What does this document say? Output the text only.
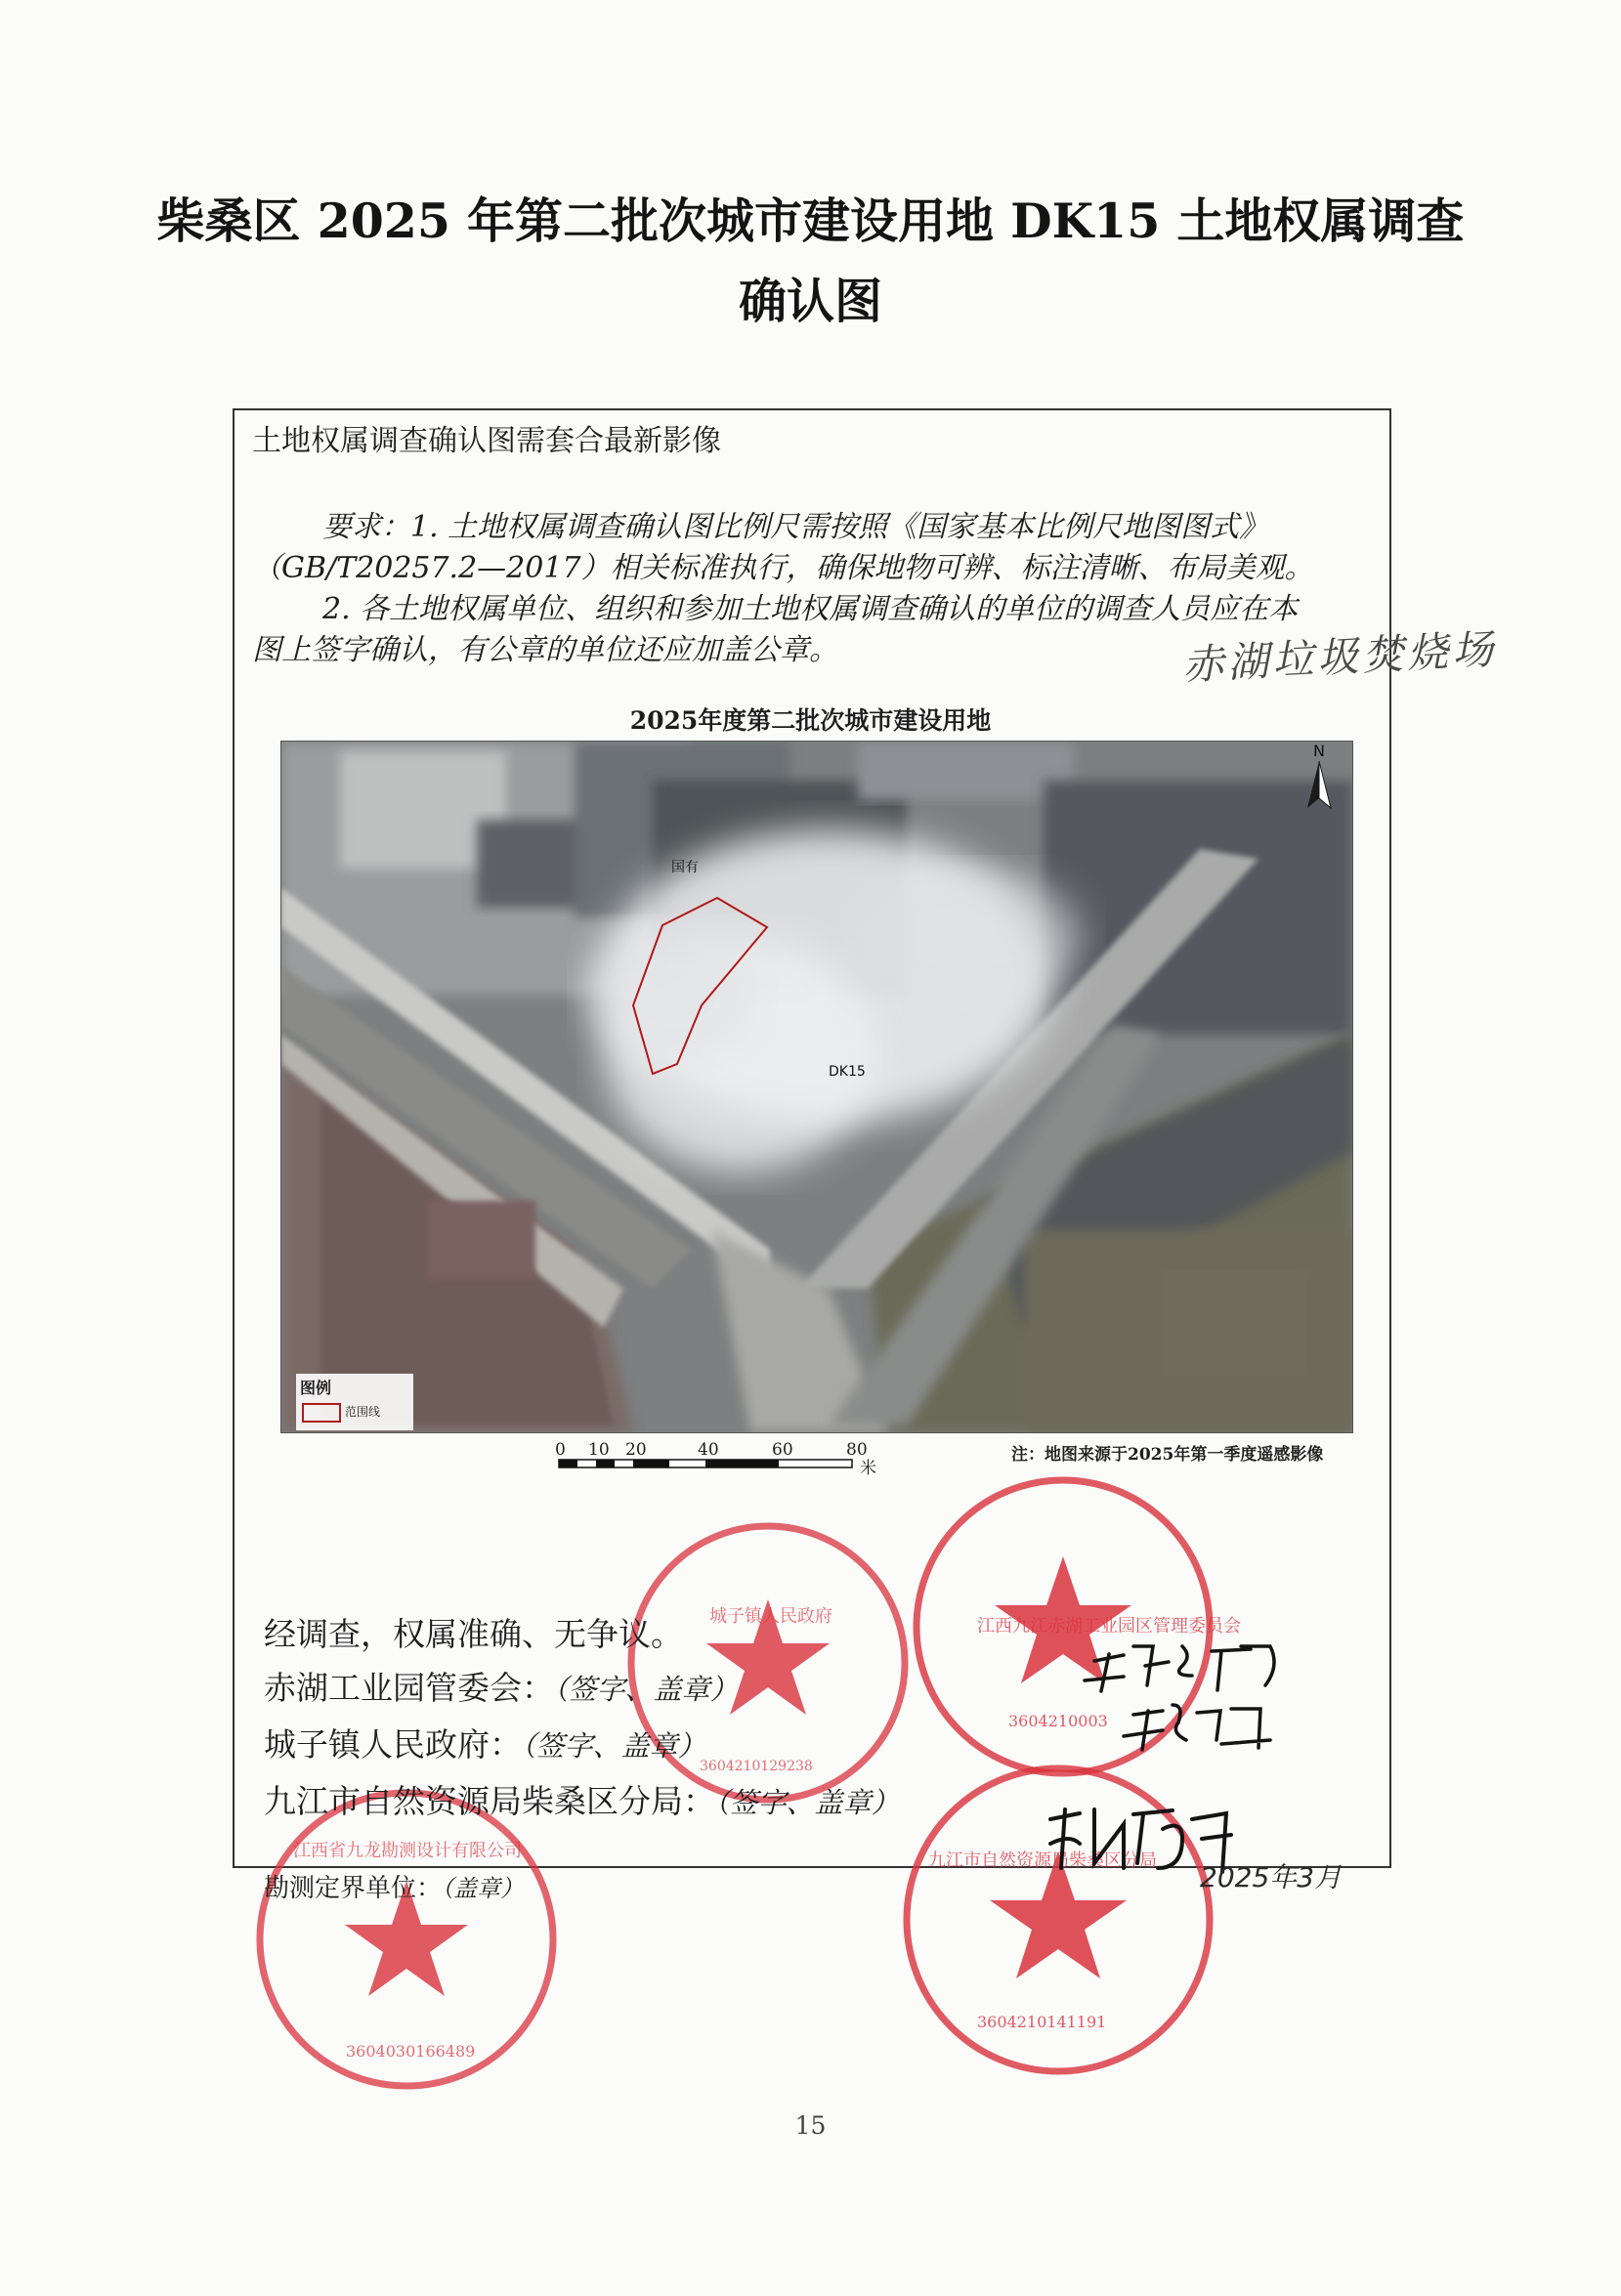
柴桑区 2025 年第二批次城市建设用地 DK15 土地权属调查
确认图
土地权属调查确认图需套合最新影像
要求：1. 土地权属调查确认图比例尺需按照《国家基本比例尺地图图式》
（GB/T20257.2—2017）相关标准执行，确保地物可辨、标注清晰、布局美观。
2. 各土地权属单位、组织和参加土地权属调查确认的单位的调查人员应在本
图上签字确认，有公章的单位还应加盖公章。	赤湖垃圾焚烧场
2025年度第二批次城市建设用地
N
国有
DK15
图例
范围线
0 10 20	40	60	80
米
注：地图来源于2025年第一季度遥感影像
江西九江赤湖工业园区管理委员会
3604210003
城子镇人民政府
3604210129238
九江市自然资源局柴桑区分局
3604210141191
江西省九龙勘测设计有限公司
3604030166489
经调查，权属准确、无争议。
赤湖工业园管委会：（签字、盖章）
城子镇人民政府：（签字、盖章）
九江市自然资源局柴桑区分局：（签字、盖章）
勘测定界单位：（盖章）	2025年3月
15
